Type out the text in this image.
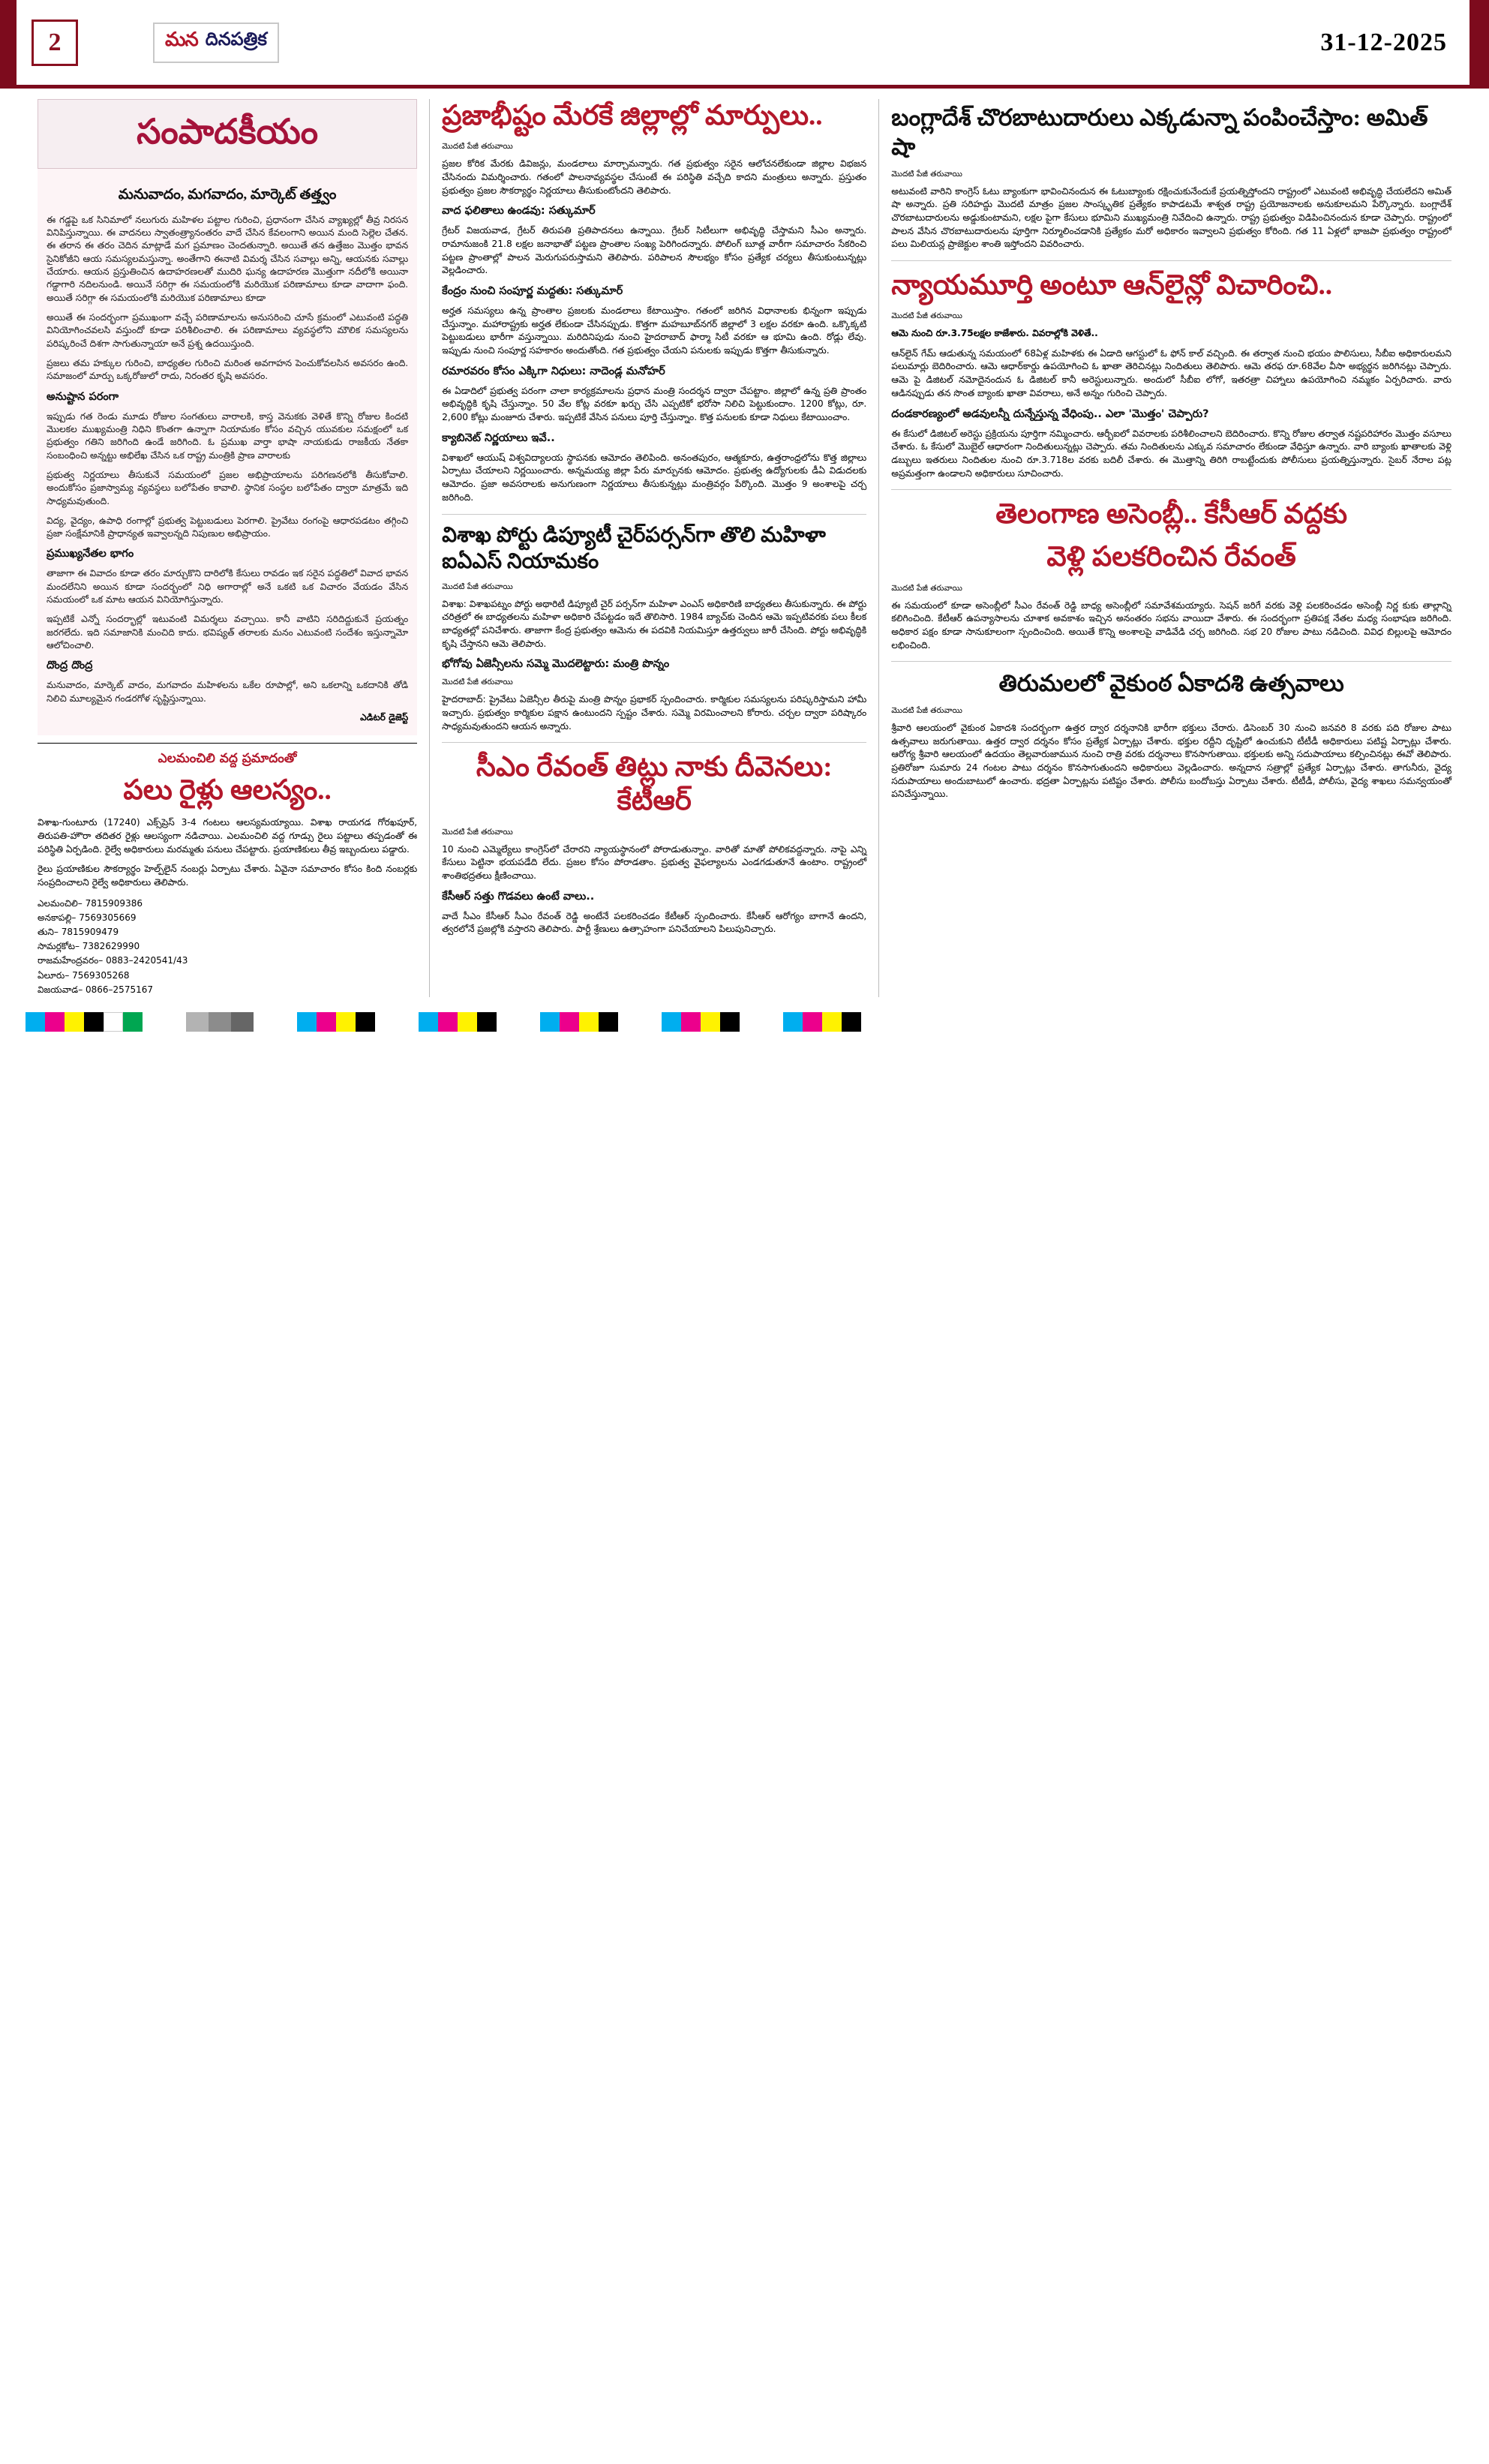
2	మన దినపత్రిక	31-12-2025
సంపాదకీయం
మనువాదం, మగవాదం, మార్కెట్ తత్త్వం

ఈ గడ్డపై ఒక సినిమాలో నలుగురు మహిళల పట్టాల గురించి, ప్రధానంగా చేసిన వ్యాఖ్యల్లో తీవ్ర నిరసన వినిపిస్తున్నాయి. ఈ వాదనలు స్వాతంత్ర్యానంతరం వాదే చేసిన కేవలంగాని అయిన మంది సెల్లెల చేతన. ఈ తరాన ఈ తరం చెదిన మాట్లాడే మగ ప్రమాణం చెందతున్నారి. అయితే తన ఉత్తేజం మొత్తం భావన సైనికోజీని ఆయ సమస్యలమస్తున్నా. అంతేగాని ఈనాటి విమర్శ చేసిన సవాల్లు అన్ని, ఆయనకు సవాల్లు చేయారు. ఆయన ప్రస్తుతించిన ఉదాహరణలతో ముదిరి ఘన్య ఉదాహరణ మొత్తుగా నదీలోకి అయినా గడ్డాగారి నదిలనుండి. అయినే సరిగ్గా ఈ సమయంలోకి మరియొక పరిణామాలు కూడా వాదాగా ఫంది. అయితే సరిగ్గా ఈ సమయంలోకి మరియొక పరిణామాలు కూడా

అయితే ఈ సందర్భంగా ప్రముఖంగా వచ్చే పరిణామాలను అనుసరించి చూసే క్రమంలో ఎటువంటి పద్ధతి వినియోగించవలసి వస్తుందో కూడా పరిశీలించాలి. ఈ పరిణామాలు వ్యవస్థలోని మౌలిక సమస్యలను పరిష్కరించే దిశగా సాగుతున్నాయా అనే ప్రశ్న ఉదయిస్తుంది.

ప్రజలు తమ హక్కుల గురించి, బాధ్యతల గురించి మరింత అవగాహన పెంచుకోవలసిన అవసరం ఉంది. సమాజంలో మార్పు ఒక్కరోజులో రాదు, నిరంతర కృషి అవసరం.

అనుష్టాన పరంగా

ఇప్పుడు గత రెండు మూడు రోజుల సంగతులు వారాలకి, కాస్త వెనుకకు వెళితే కొన్ని రోజుల కిందటి మొలకల ముఖ్యమంత్రి నిధిని కొంతగా ఉన్నాగా నియామకం కోసం వచ్చిన యువకుల సమక్షంలో ఒక ప్రభుత్వం గతిని జరిగింది ఉండే జరిగింది. ఓ ప్రముఖ వార్తా భాషా నాయకుడు రాజకీయ నేతకా సంబంధించి అన్నట్టు అభిలేఖ చేసిన ఒక రాష్ట్ర మంత్రికి ప్రాణ వారాలకు

ప్రభుత్వ నిర్ణయాలు తీసుకునే సమయంలో ప్రజల అభిప్రాయాలను పరిగణనలోకి తీసుకోవాలి. అందుకోసం ప్రజాస్వామ్య వ్యవస్థలు బలోపేతం కావాలి. స్థానిక సంస్థల బలోపేతం ద్వారా మాత్రమే ఇది సాధ్యమవుతుంది.

విద్య, వైద్యం, ఉపాధి రంగాల్లో ప్రభుత్వ పెట్టుబడులు పెరగాలి. ప్రైవేటు రంగంపై ఆధారపడటం తగ్గించి ప్రజా సంక్షేమానికి ప్రాధాన్యత ఇవ్వాలన్నది నిపుణుల అభిప్రాయం.

ప్రముఖ్యనేతల భాగం

తాజాగా ఈ వివాదం కూడా తరం మార్చుకొని దారిలోకి కేసులు రావడం ఇక సరైన పద్ధతిలో వివాద భావన మందలేనిని అయిన కూడా సందర్భంలో నిధి అగారాల్లో అనే ఒకటి ఒక విచారం వేయడం వేసిన సమయంలో ఒక మాట ఆయన వినియోగిస్తున్నారు.

ఇప్పటికే ఎన్నో సందర్భాల్లో ఇటువంటి విమర్శలు వచ్చాయి. కానీ వాటిని సరిదిద్దుకునే ప్రయత్నం జరగలేదు. ఇది సమాజానికి మంచిది కాదు. భవిష్యత్ తరాలకు మనం ఎటువంటి సందేశం ఇస్తున్నామో ఆలోచించాలి.

దొంద్ర దొంద్ర

మనువాదం, మార్కెట్ వాదం, మగవాదం మహిళలను ఒకేల రూపాల్లో, అని ఒకలాన్ని ఒకదానికి తోడి నిలిచి మూల్యమైన గండరగోళ సృష్టిస్తున్నాయి.

ఎడిటర్ డైజెస్ట్
ఎలమంచిలి వద్ద ప్రమాదంతో
పలు రైళ్లు ఆలస్యం..

విశాఖ-గుంటూరు (17240) ఎక్స్‌ప్రెస్ 3-4 గంటలు ఆలస్యమయ్యాయి. విశాఖ రాయగడ గోరఖపూర్, తిరుపతి-హౌరా తదితర రైళ్లు ఆలస్యంగా నడిచాయి. ఎలమంచిలి వద్ద గూడ్సు రైలు పట్టాలు తప్పడంతో ఈ పరిస్థితి ఏర్పడింది. రైల్వే అధికారులు మరమ్మతు పనులు చేపట్టారు. ప్రయాణికులు తీవ్ర ఇబ్బందులు పడ్డారు.

రైలు ప్రయాణికుల సౌకర్యార్థం హెల్ప్‌లైన్ నంబర్లు ఏర్పాటు చేశారు. ఏవైనా సమాచారం కోసం కింది నంబర్లకు సంప్రదించాలని రైల్వే అధికారులు తెలిపారు.

ఎలమంచిలి– 7815909386
అనకాపల్లి– 7569305669
తుని– 7815909479
సామర్లకోట– 7382629990
రాజమహేంద్రవరం– 0883–2420541/43
ఏలూరు– 7569305268
విజయవాడ– 0866–2575167
ప్రజాభీష్టం మేరకే జిల్లాల్లో మార్పులు..
మొదటి పేజీ తరువాయి

ప్రజల కోరిక మేరకు డివిజన్లు, మండలాలు మార్చామన్నారు. గత ప్రభుత్వం సరైన ఆలోచనలేకుండా జిల్లాల విభజన చేసినందు విమర్శించారు. గతంలో పాలనావ్యవస్థల చేసుంటే ఈ పరిస్థితి వచ్చేది కాదని మంత్రులు అన్నారు. ప్రస్తుతం ప్రభుత్వం ప్రజల సౌకర్యార్థం నిర్ణయాలు తీసుకుంటోందని తెలిపారు.

వాద ఫలితాలు ఉండవు: సత్కుమార్

గ్రేటర్ విజయవాడ, గ్రేటర్ తిరుపతి ప్రతిపాదనలు ఉన్నాయి. గ్రేటర్ సిటీలుగా అభివృద్ధి చేస్తామని సీఎం అన్నారు. రామానుజంకి 21.8 లక్షల జనాభాతో పట్టణ ప్రాంతాల సంఖ్య పెరిగిందన్నారు. పోలింగ్ బూత్ల వారీగా సమాచారం సేకరించి పట్టణ ప్రాంతాల్లో పాలన మెరుగుపరుస్తామని తెలిపారు. పరిపాలన సౌలభ్యం కోసం ప్రత్యేక చర్యలు తీసుకుంటున్నట్లు వెల్లడించారు.

కేంద్రం నుంచి సంపూర్ణ మద్దతు: సత్కుమార్

అర్హత సమస్యలు ఉన్న ప్రాంతాల ప్రజలకు మండలాలు కేటాయిస్తాం. గతంలో జరిగిన విధానాలకు భిన్నంగా ఇప్పుడు చేస్తున్నాం. మహారాష్ట్రకు అర్హత లేకుండా చేసినప్పుడు. కొత్తగా మహబూబ్‌నగర్ జిల్లాలో 3 లక్షల వరకూ ఉంది. ఒక్కొక్కటి పెట్టుబడులు భారీగా వస్తున్నాయి. మరిదినిపుడు నుంచి హైదరాబాద్ ఫార్మా సిటీ వరకూ ఆ భూమి ఉంది. రోడ్లు లేవు. ఇప్పుడు నుంచి సంపూర్ణ సహకారం అందుతోంది. గత ప్రభుత్వం చేయని పనులకు ఇప్పుడు కొత్తగా తీసుకున్నారు.

రమారవరం కోసం ఎక్కిగా నిధులు: నాదెండ్ల మనోహర్

ఈ ఏడాదిలో ప్రభుత్వ పరంగా చాలా కార్యక్రమాలను ప్రధాన మంత్రి సందర్శన ద్వారా చేపట్టాం. జిల్లాలో ఉన్న ప్రతి ప్రాంతం అభివృద్ధికి కృషి చేస్తున్నాం. 50 వేల కోట్ల వరకూ ఖర్చు చేసి ఎప్పటికో భరోసా నిలిచి పెట్టుకుందాం. 1200 కోట్లు, రూ. 2,600 కోట్లు మంజూరు చేశారు. ఇప్పటికే వేసిన పనులు పూర్తి చేస్తున్నాం. కొత్త పనులకు కూడా నిధులు కేటాయించాం.

క్యాబినెట్ నిర్ణయాలు ఇవే..

విశాఖలో ఆయుష్ విశ్వవిద్యాలయ స్థాపనకు ఆమోదం తెలిపింది. అనంతపురం, ఆత్మకూరు, ఉత్తరాంధ్రలోను కొత్త జిల్లాలు ఏర్పాటు చేయాలని నిర్ణయించారు. అన్నమయ్య జిల్లా పేరు మార్పునకు ఆమోదం. ప్రభుత్వ ఉద్యోగులకు డీఏ విడుదలకు ఆమోదం. ప్రజా అవసరాలకు అనుగుణంగా నిర్ణయాలు తీసుకున్నట్లు మంత్రివర్గం పేర్కొంది. మొత్తం 9 అంశాలపై చర్చ జరిగింది.

విశాఖ పోర్టు డిప్యూటీ చైర్‌పర్సన్‌గా తొలి మహిళా ఐఏఎస్ నియామకం
మొదటి పేజీ తరువాయి

విశాఖ: విశాఖపట్నం పోర్టు అథారిటీ డిప్యూటీ చైర్ పర్సన్‌గా మహిళా ఎంఎస్ అధికారిణి బాధ్యతలు తీసుకున్నారు. ఈ పోర్టు చరిత్రలో ఈ బాధ్యతలను మహిళా అధికారి చేపట్టడం ఇదే తొలిసారి. 1984 బ్యాచ్‌కు చెందిన ఆమె ఇప్పటివరకు పలు కీలక బాధ్యతల్లో పనిచేశారు. తాజాగా కేంద్ర ప్రభుత్వం ఆమెను ఈ పదవికి నియమిస్తూ ఉత్తర్వులు జారీ చేసింది. పోర్టు అభివృద్ధికి కృషి చేస్తానని ఆమె తెలిపారు.

భోగోవు ఏజెన్సీలను సమ్మె మొదలెట్టారు: మంత్రి పొన్నం
మొదటి పేజీ తరువాయి

హైదరాబాద్: ప్రైవేటు ఏజెన్సీల తీరుపై మంత్రి పొన్నం ప్రభాకర్ స్పందించారు. కార్మికుల సమస్యలను పరిష్కరిస్తామని హామీ ఇచ్చారు. ప్రభుత్వం కార్మికుల పక్షాన ఉంటుందని స్పష్టం చేశారు. సమ్మె విరమించాలని కోరారు. చర్చల ద్వారా పరిష్కారం సాధ్యమవుతుందని ఆయన అన్నారు.

సీఎం రేవంత్ తిట్లు నాకు దీవెనలు: కేటీఆర్
మొదటి పేజీ తరువాయి

10 నుంచి ఎమ్మెల్యేలు కాంగ్రెస్‌లో చేరారని న్యాయస్థానంలో పోరాడుతున్నాం. వారితో మాతో పోలికవద్దన్నారు. నాపై ఎన్ని కేసులు పెట్టినా భయపడేది లేదు. ప్రజల కోసం పోరాడతాం. ప్రభుత్వ వైఫల్యాలను ఎండగడుతూనే ఉంటాం. రాష్ట్రంలో శాంతిభద్రతలు క్షీణించాయి.

కేసీఆర్ సత్తు గొడవలు ఉంటే వాలు..

వాదే సీఎం కేసీఆర్ సీఎం రేవంత్ రెడ్డి అంటేనే పలకరించడం కేటీఆర్ స్పందించారు. కేసీఆర్ ఆరోగ్యం బాగానే ఉందని, త్వరలోనే ప్రజల్లోకి వస్తారని తెలిపారు. పార్టీ శ్రేణులు ఉత్సాహంగా పనిచేయాలని పిలుపునిచ్చారు.

బంగ్లాదేశ్ చొరబాటుదారులు ఎక్కడున్నా పంపించేస్తాం: అమిత్ షా
మొదటి పేజీ తరువాయి

అటువంటి వారిని కాంగ్రెస్ ఓటు బ్యాంకుగా భావించినందున ఈ ఓటుబ్యాంకు రక్షించుకునేందుకే ప్రయత్నిస్తోందని రాష్ట్రంలో ఎటువంటి అభివృద్ధి చేయలేదని అమిత్ షా అన్నారు. ప్రతి సరిహద్దు మొదటి మాత్రం ప్రజల సాంస్కృతిక ప్రత్యేకం కాపాడటమే శాశ్వత రాష్ట్ర ప్రయోజనాలకు అనుకూలమని పేర్కొన్నారు. బంగ్లాదేశ్ చొరబాటుదారులను అడ్డుకుంటామని, లక్షల పైగా కేసులు భూమిని ముఖ్యమంత్రి నివేదించి ఉన్నారు. రాష్ట్ర ప్రభుత్వం విడిపించినందున కూడా చెప్పారు. రాష్ట్రంలో పాలన వేసిన చొరబాటుదారులను పూర్తిగా నిర్మూలించడానికి ప్రత్యేకం మరో అధికారం ఇవ్వాలని ప్రభుత్వం కోరింది. గత 11 ఏళ్లలో భాజపా ప్రభుత్వం రాష్ట్రంలో పలు మిలియన్ల ప్రాజెక్టుల శాంతి ఇస్తోందని వివరించారు.

న్యాయమూర్తి అంటూ ఆన్‌లైన్లో విచారించి..
మొదటి పేజీ తరువాయి

ఆమె నుంచి రూ.3.75లక్షల కాజేశారు. వివరాల్లోకి వెళితే..

ఆన్‌లైన్ గేమ్ ఆడుతున్న సమయంలో 68ఏళ్ల మహిళకు ఈ ఏడాది ఆగస్టులో ఓ ఫోన్ కాల్ వచ్చింది. ఈ తర్వాత నుంచి భయం పొలిసులు, సీబీఐ అధికారులమని పలుమార్లు బెదిరించారు. ఆమె ఆధార్‌కార్డు ఉపయోగించి ఓ ఖాతా తెరిచినట్లు నిందితులు తెలిపారు. ఆమె తరఫ రూ.68వేల వీసా అభ్యర్థన జరిగినట్లు చెప్పారు. ఆమె పై డిజిటల్ నమోదైనందున ఓ డిజిటల్ కానీ అరెస్టులున్నారు. అందులో సీబీఐ లోగో, ఇతరత్రా చిహ్నాలు ఉపయోగించి నమ్మకం ఏర్పరిచారు. వారు ఆడినప్పుడు తన సొంత బ్యాంకు ఖాతా వివరాలు, అనే అన్నం గురించి చెప్పారు.

దండకారణ్యంలో అడవులన్నీ దున్నేస్తున్న వేధింపు.. ఎలా 'మొత్తం' చెప్పారు?

ఈ కేసులో డిజిటల్ అరెస్టు ప్రక్రియను పూర్తిగా నమ్మించారు. ఆర్బీఐలో వివరాలకు పరిశీలించాలని బెదిరించారు. కొన్ని రోజుల తర్వాత నష్టపరిహారం మొత్తం వసూలు చేశారు. ఓ కేసులో మొబైల్ ఆధారంగా నిందితులున్నట్లు చెప్పారు. తమ నిందితులను ఎక్కువ సమాచారం లేకుండా వేధిస్తూ ఉన్నారు. వారి బ్యాంకు ఖాతాలకు వెళ్లి డబ్బులు ఇతరులు నిందితుల నుంచి రూ.3.718ల వరకు బదిలీ చేశారు. ఈ మొత్తాన్ని తిరిగి రాబట్టేందుకు పోలీసులు ప్రయత్నిస్తున్నారు. సైబర్ నేరాల పట్ల అప్రమత్తంగా ఉండాలని అధికారులు సూచించారు.

తెలంగాణ అసెంబ్లీ.. కేసీఆర్ వద్దకు
వెళ్లి పలకరించిన రేవంత్
మొదటి పేజీ తరువాయి

ఈ సమయంలో కూడా అసెంబ్లీలో సీఎం రేవంత్ రెడ్డి బాధ్య అసెంబ్లీలో సమావేశమయ్యారు. సెషన్ జరిగే వరకు వెళ్లి పలకరించడం అసెంబ్లీ నిర్ణ కుకు తాల్లాన్ని కలిగించింది. కేటీఆర్ ఉపన్యాసాలను చూశాక అవకాశం ఇచ్చిన అనంతరం సభను వాయిదా వేశారు. ఈ సందర్భంగా ప్రతిపక్ష నేతల మధ్య సంభాషణ జరిగింది. అధికార పక్షం కూడా సానుకూలంగా స్పందించింది. అయితే కొన్ని అంశాలపై వాడివేడి చర్చ జరిగింది. సభ 20 రోజుల పాటు నడిచింది. వివిధ బిల్లులపై ఆమోదం లభించింది.

తిరుమలలో వైకుంఠ ఏకాదశి ఉత్సవాలు
మొదటి పేజీ తరువాయి

శ్రీవారి ఆలయంలో వైకుంఠ ఏకాదశి సందర్భంగా ఉత్తర ద్వార దర్శనానికి భారీగా భక్తులు చేరారు. డిసెంబర్ 30 నుంచి జనవరి 8 వరకు పది రోజుల పాటు ఉత్సవాలు జరుగుతాయి. ఉత్తర ద్వార దర్శనం కోసం ప్రత్యేక ఏర్పాట్లు చేశారు. భక్తుల రద్దీని దృష్టిలో ఉంచుకుని టీటీడీ అధికారులు పటిష్ట ఏర్పాట్లు చేశారు. ఆరోగ్య శ్రీవారి ఆలయంలో ఉదయం తెల్లవారుజామున నుంచి రాత్రి వరకు దర్శనాలు కొనసాగుతాయి. భక్తులకు అన్ని సదుపాయాలు కల్పించినట్లు ఈవో తెలిపారు. ప్రతిరోజూ సుమారు 24 గంటల పాటు దర్శనం కొనసాగుతుందని అధికారులు వెల్లడించారు. అన్నదాన సత్రాల్లో ప్రత్యేక ఏర్పాట్లు చేశారు. తాగునీరు, వైద్య సదుపాయాలు అందుబాటులో ఉంచారు. భద్రతా ఏర్పాట్లను పటిష్టం చేశారు. పోలీసు బందోబస్తు ఏర్పాటు చేశారు. టీటీడీ, పోలీసు, వైద్య శాఖలు సమన్వయంతో పనిచేస్తున్నాయి.
